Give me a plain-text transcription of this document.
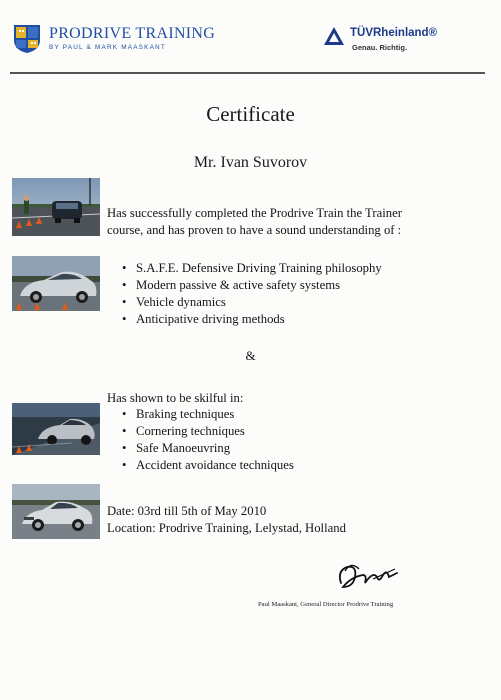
PRODRIVE TRAINING
BY PAUL & MARK MAASKANT
TÜVRheinland®
Genau. Richtig.
Certificate
Mr. Ivan Suvorov

Has successfully completed the Prodrive Train the Trainer

course, and has proven to have a sound understanding of :

• S.A.F.E. Defensive Driving Training philosophy
• Modern passive & active safety systems
• Vehicle dynamics
• Anticipative driving methods
&

Has shown to be skilful in:

• Braking techniques
• Cornering techniques
• Safe Manoeuvring
• Accident avoidance techniques

Date: 03rd till 5th of May 2010

Location: Prodrive Training, Lelystad, Holland

Paul Maaskant, General Director Prodrive Training
